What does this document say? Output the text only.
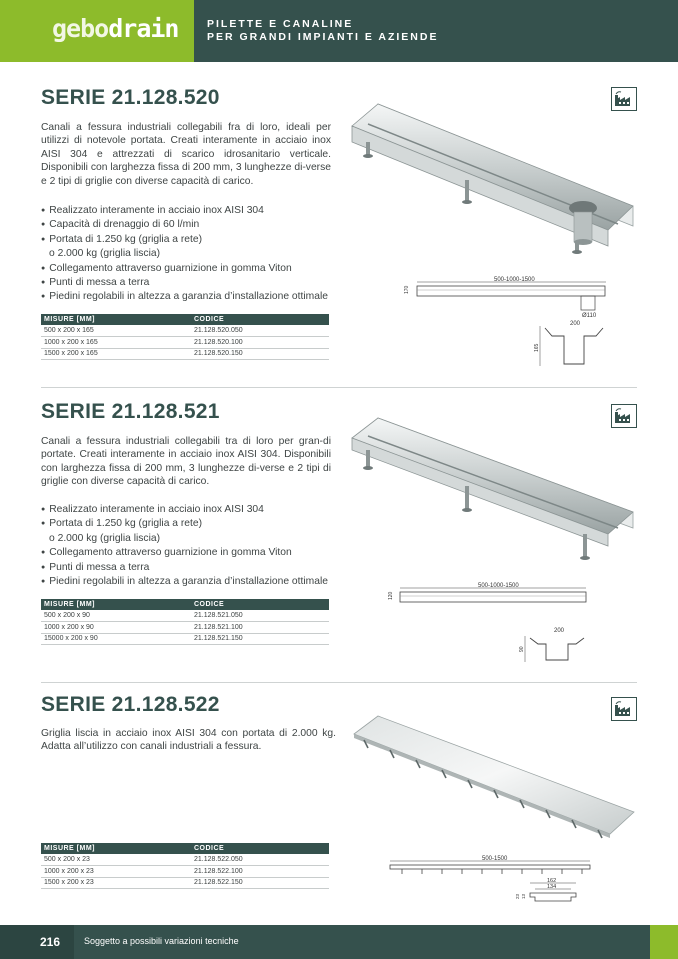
gebodrain	PILETTE E CANALINE
PER GRANDI IMPIANTI E AZIENDE
SERIE 21.128.520

Canali a fessura industriali collegabili fra di loro, ideali per utilizzi di notevole portata. Creati interamente in acciaio inox AISI 304 e attrezzati di scarico idrosanitario verticale. Disponibili con larghezza fissa di 200 mm, 3 lunghezze di-verse e 2 tipi di griglie con diverse capacità di carico.

● Realizzato interamente in acciaio inox AISI 304
● Capacità di drenaggio di 60 l/min
● Portata di 1.250 kg (griglia a rete)
o 2.000 kg (griglia liscia)
● Collegamento attraverso guarnizione in gomma Viton
● Punti di messa a terra
● Piedini regolabili in altezza a garanzia d’installazione ottimale
MISURE [MM]	CODICE
500 x 200 x 165	21.128.520.050
1000 x 200 x 165	21.128.520.100
1500 x 200 x 165	21.128.520.150
500-1000-1500
170
Ø110
200
165
SERIE 21.128.521

Canali a fessura industriali collegabili tra di loro per gran-di portate. Creati interamente in acciaio inox AISI 304. Disponibili con larghezza fissa di 200 mm, 3 lunghezze di-verse e 2 tipi di griglie con diverse capacità di carico.

● Realizzato interamente in acciaio inox AISI 304
● Portata di 1.250 kg (griglia a rete)
o 2.000 kg (griglia liscia)
● Collegamento attraverso guarnizione in gomma Viton
● Punti di messa a terra
● Piedini regolabili in altezza a garanzia d’installazione ottimale
MISURE [MM]	CODICE
500 x 200 x 90	21.128.521.050
1000 x 200 x 90	21.128.521.100
15000 x 200 x 90	21.128.521.150
500-1000-1500
120
200
90
SERIE 21.128.522

Griglia liscia in acciaio inox AISI 304 con portata di 2.000 kg. Adatta all’utilizzo con canali industriali a fessura.

MISURE [MM]	CODICE
500 x 200 x 23	21.128.522.050
1000 x 200 x 23	21.128.522.100
1500 x 200 x 23	21.128.522.150
500-1500
162
134
23 13
216	Soggetto a possibili variazioni tecniche
